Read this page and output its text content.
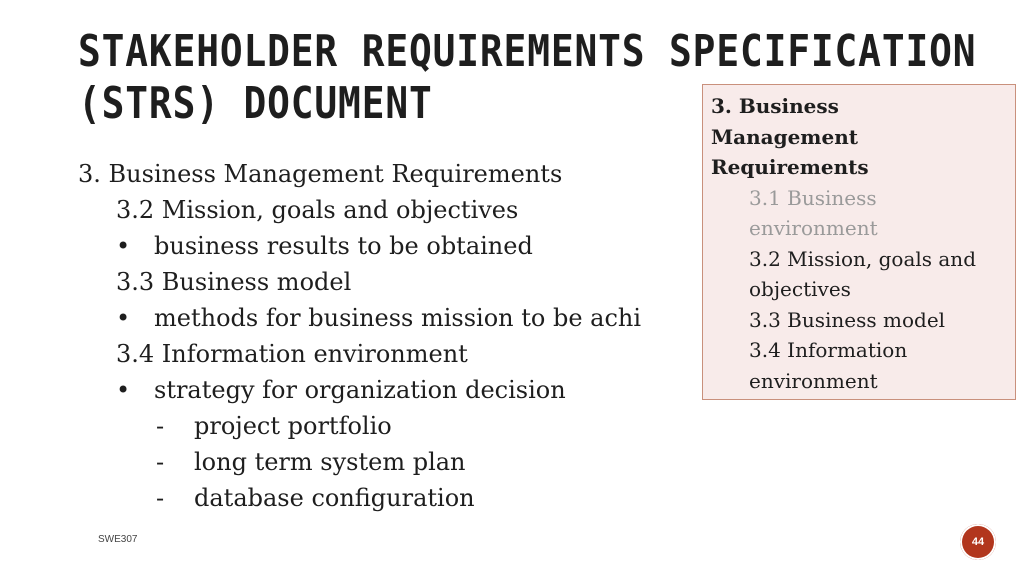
STAKEHOLDER REQUIREMENTS SPECIFICATION
(STRS) DOCUMENT
3. Business Management Requirements
3.2 Mission, goals and objectives
• business results to be obtained
3.3 Business model
• methods for business mission to be achi
3.4 Information environment
• strategy for organization decision
- project portfolio
- long term system plan
- database configuration
3. Business
Management
Requirements
3.1 Business
environment
3.2 Mission, goals and
objectives
3.3 Business model
3.4 Information
environment
SWE307	44
